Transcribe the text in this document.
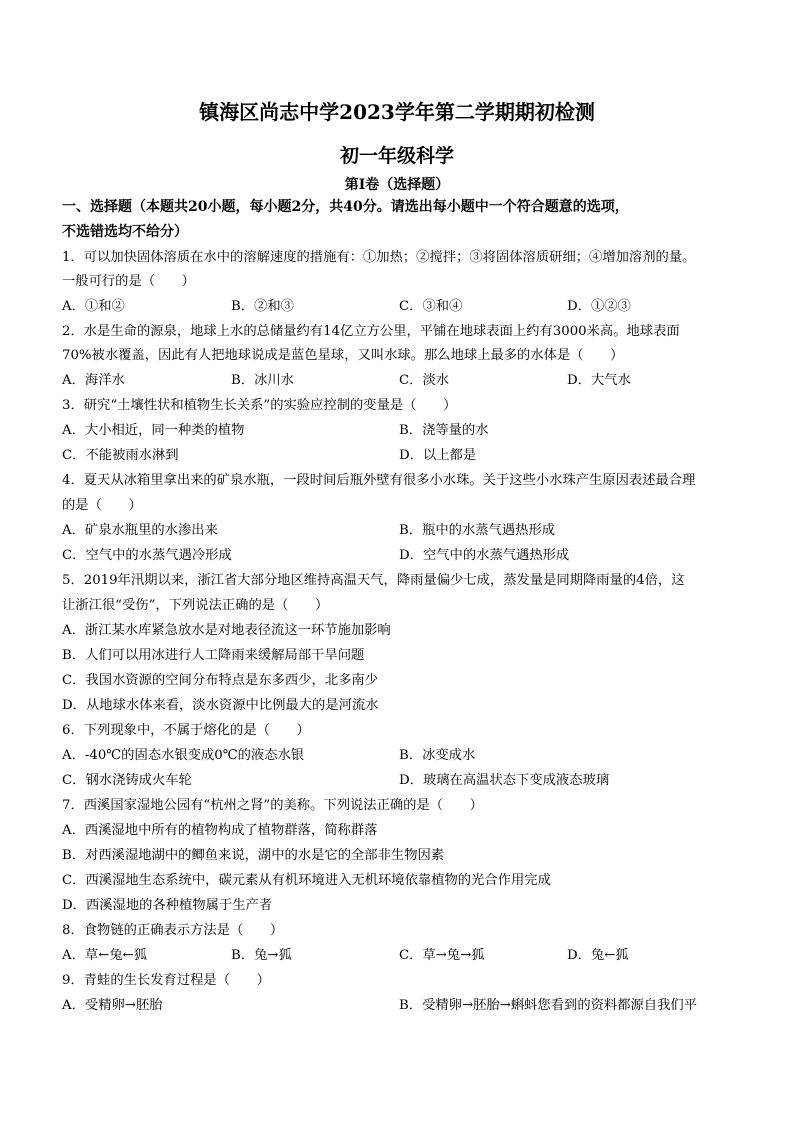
镇海区尚志中学2023学年第二学期期初检测
初一年级科学
第Ⅰ卷（选择题）
一、选择题（本题共20小题，每小题2分，共40分。请选出每小题中一个符合题意的选项，
不选错选均不给分）
1．可以加快固体溶质在水中的溶解速度的措施有：①加热；②搅拌；③将固体溶质研细；④增加溶剂的量。
一般可行的是（　　）
A．①和②	B．②和③	C．③和④	D．①②③
2．水是生命的源泉，地球上水的总储量约有14亿立方公里，平铺在地球表面上约有3000米高。地球表面
70%被水覆盖，因此有人把地球说成是蓝色星球，又叫水球。那么地球上最多的水体是（　　）
A．海洋水	B．冰川水	C．淡水	D．大气水
3．研究“土壤性状和植物生长关系”的实验应控制的变量是（　　）
A．大小相近，同一种类的植物	B．浇等量的水
C．不能被雨水淋到	D．以上都是
4．夏天从冰箱里拿出来的矿泉水瓶，一段时间后瓶外壁有很多小水珠。关于这些小水珠产生原因表述最合理
的是（　　）
A．矿泉水瓶里的水渗出来	B．瓶中的水蒸气遇热形成
C．空气中的水蒸气遇冷形成	D．空气中的水蒸气遇热形成
5．2019年汛期以来，浙江省大部分地区维持高温天气，降雨量偏少七成，蒸发量是同期降雨量的4倍，这
让浙江很“受伤”，下列说法正确的是（　　）
A．浙江某水库紧急放水是对地表径流这一环节施加影响
B．人们可以用冰进行人工降雨来缓解局部干旱问题
C．我国水资源的空间分布特点是东多西少，北多南少
D．从地球水体来看，淡水资源中比例最大的是河流水
6．下列现象中，不属于熔化的是（　　）
A．-40℃的固态水银变成0℃的液态水银	B．冰变成水
C．钢水浇铸成火车轮	D．玻璃在高温状态下变成液态玻璃
7．西溪国家湿地公园有“杭州之肾”的美称。下列说法正确的是（　　）
A．西溪湿地中所有的植物构成了植物群落，简称群落
B．对西溪湿地湖中的鲫鱼来说，湖中的水是它的全部非生物因素
C．西溪湿地生态系统中，碳元素从有机环境进入无机环境依靠植物的光合作用完成
D．西溪湿地的各种植物属于生产者
8．食物链的正确表示方法是（　　）
A．草←兔←狐	B．兔→狐	C．草→兔→狐	D．兔←狐
9．青蛙的生长发育过程是（　　）
A．受精卵→胚胎	B．受精卵→胚胎→蝌蚪您看到的资料都源自我们平
